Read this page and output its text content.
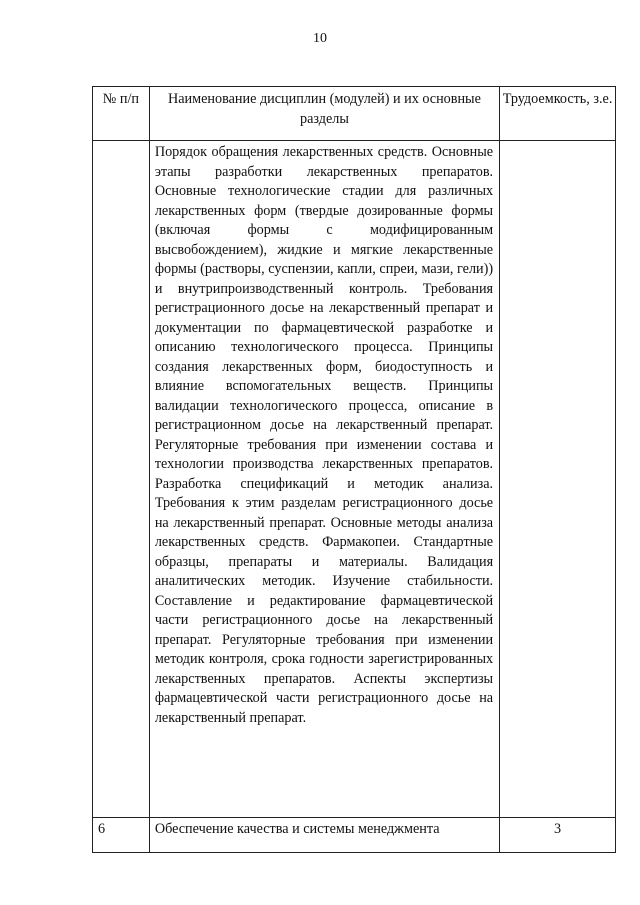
10
№ п/п	Наименование дисциплин (модулей) и их основные разделы	Трудоемкость, з.е.
	Порядок обращения лекарственных средств. Основные этапы разработки лекарственных препаратов. Основные технологические стадии для различных лекарственных форм (твердые дозированные формы (включая формы с модифицированным высвобождением), жидкие и мягкие лекарственные формы (растворы, суспензии, капли, спреи, мази, гели)) и внутрипроизводственный контроль. Требования регистрационного досье на лекарственный препарат и документации по фармацевтической разработке и описанию технологического процесса. Принципы создания лекарственных форм, биодоступность и влияние вспомогательных веществ. Принципы валидации технологического процесса, описание в регистрационном досье на лекарственный препарат. Регуляторные требования при изменении состава и технологии производства лекарственных препаратов. Разработка спецификаций и методик анализа. Требования к этим разделам регистрационного досье на лекарственный препарат. Основные методы анализа лекарственных средств. Фармакопеи. Стандартные образцы, препараты и материалы. Валидация аналитических методик. Изучение стабильности. Составление и редактирование фармацевтической части регистрационного досье на лекарственный препарат. Регуляторные требования при изменении методик контроля, срока годности зарегистрированных лекарственных препаратов. Аспекты экспертизы фармацевтической части регистрационного досье на лекарственный препарат.	
6	Обеспечение качества и системы менеджмента	3
